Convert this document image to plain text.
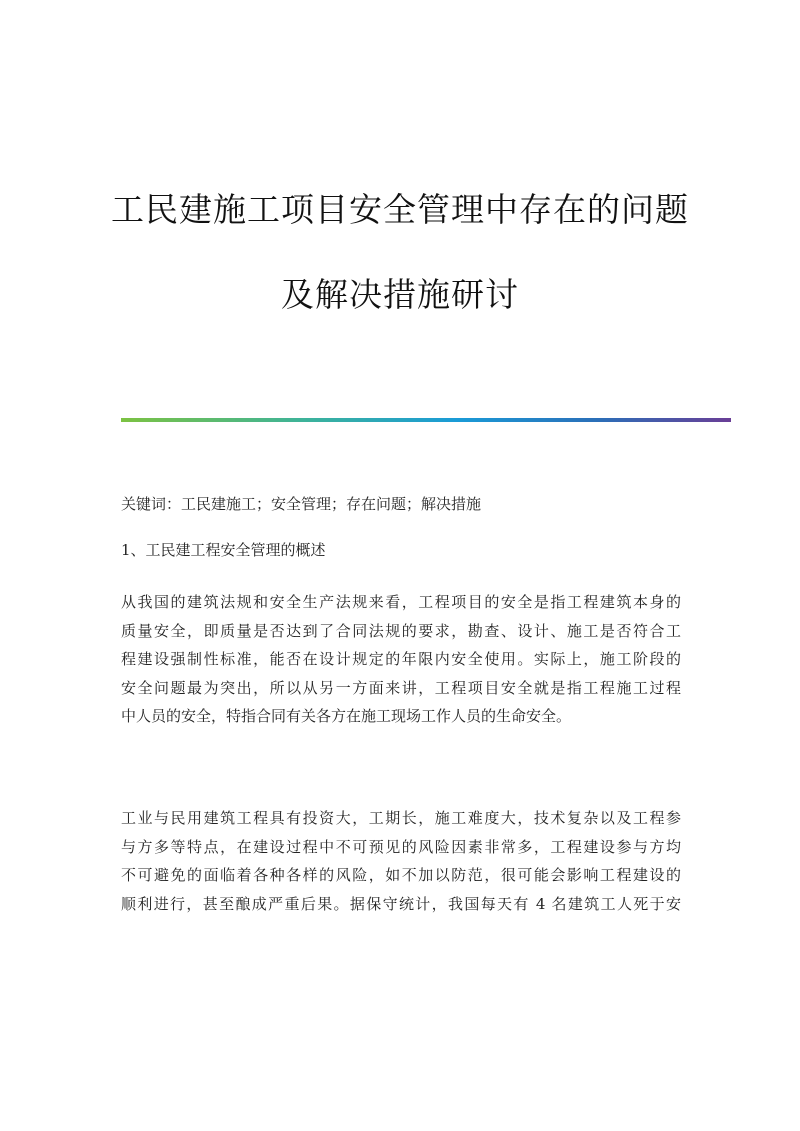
工民建施工项目安全管理中存在的问题
及解决措施研讨
关键词：工民建施工；安全管理；存在问题；解决措施
1、工民建工程安全管理的概述
从我国的建筑法规和安全生产法规来看，工程项目的安全是指工程建筑本身的
质量安全，即质量是否达到了合同法规的要求，勘查、设计、施工是否符合工
程建设强制性标准，能否在设计规定的年限内安全使用。实际上，施工阶段的
安全问题最为突出，所以从另一方面来讲，工程项目安全就是指工程施工过程
中人员的安全，特指合同有关各方在施工现场工作人员的生命安全。
工业与民用建筑工程具有投资大，工期长，施工难度大，技术复杂以及工程参
与方多等特点，在建设过程中不可预见的风险因素非常多，工程建设参与方均
不可避免的面临着各种各样的风险，如不加以防范，很可能会影响工程建设的
顺利进行，甚至酿成严重后果。据保守统计，我国每天有 4 名建筑工人死于安
